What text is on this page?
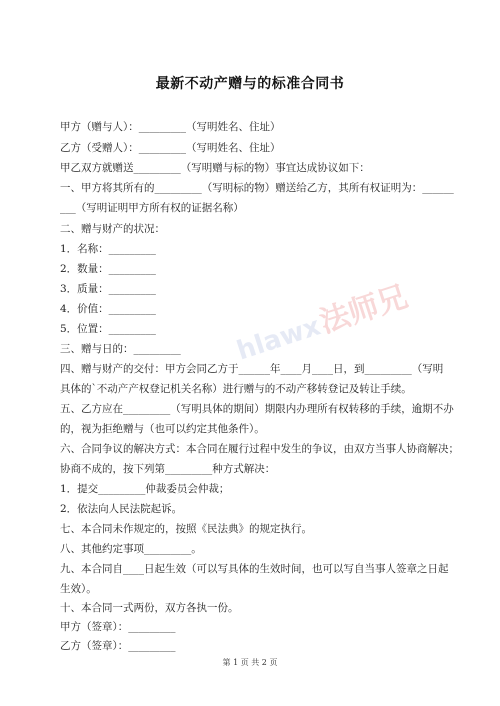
最新不动产赠与的标准合同书
甲方（赠与人）：_________（写明姓名、住址）
乙方（受赠人）：_________（写明姓名、住址）
甲乙双方就赠送_________（写明赠与标的物）事宜达成协议如下：
一、甲方将其所有的_________（写明标的物）赠送给乙方，其所有权证明为：______
___（写明证明甲方所有权的证据名称）
二、赠与财产的状况：
1．名称：_________
2．数量：_________
3．质量：_________
4．价值：_________
5．位置：_________
三、赠与日的：_________
四、赠与财产的交付：甲方会同乙方于______年____月____日，到_________（写明
具体的`不动产产权登记机关名称）进行赠与的不动产移转登记及转让手续。
五、乙方应在_________（写明具体的期间）期限内办理所有权转移的手续，逾期不办
的，视为拒绝赠与（也可以约定其他条件）。
六、合同争议的解决方式：本合同在履行过程中发生的争议，由双方当事人协商解决；
协商不成的，按下列第_________种方式解决：
1．提交_________仲裁委员会仲裁；
2．依法向人民法院起诉。
七、本合同未作规定的，按照《民法典》的规定执行。
八、其他约定事项_________。
九、本合同自____日起生效（可以写具体的生效时间，也可以写自当事人签章之日起
生效）。
十、本合同一式两份，双方各执一份。
甲方（签章）：_________
乙方（签章）：_________
hlawx法师兄
第 1 页 共 2 页
